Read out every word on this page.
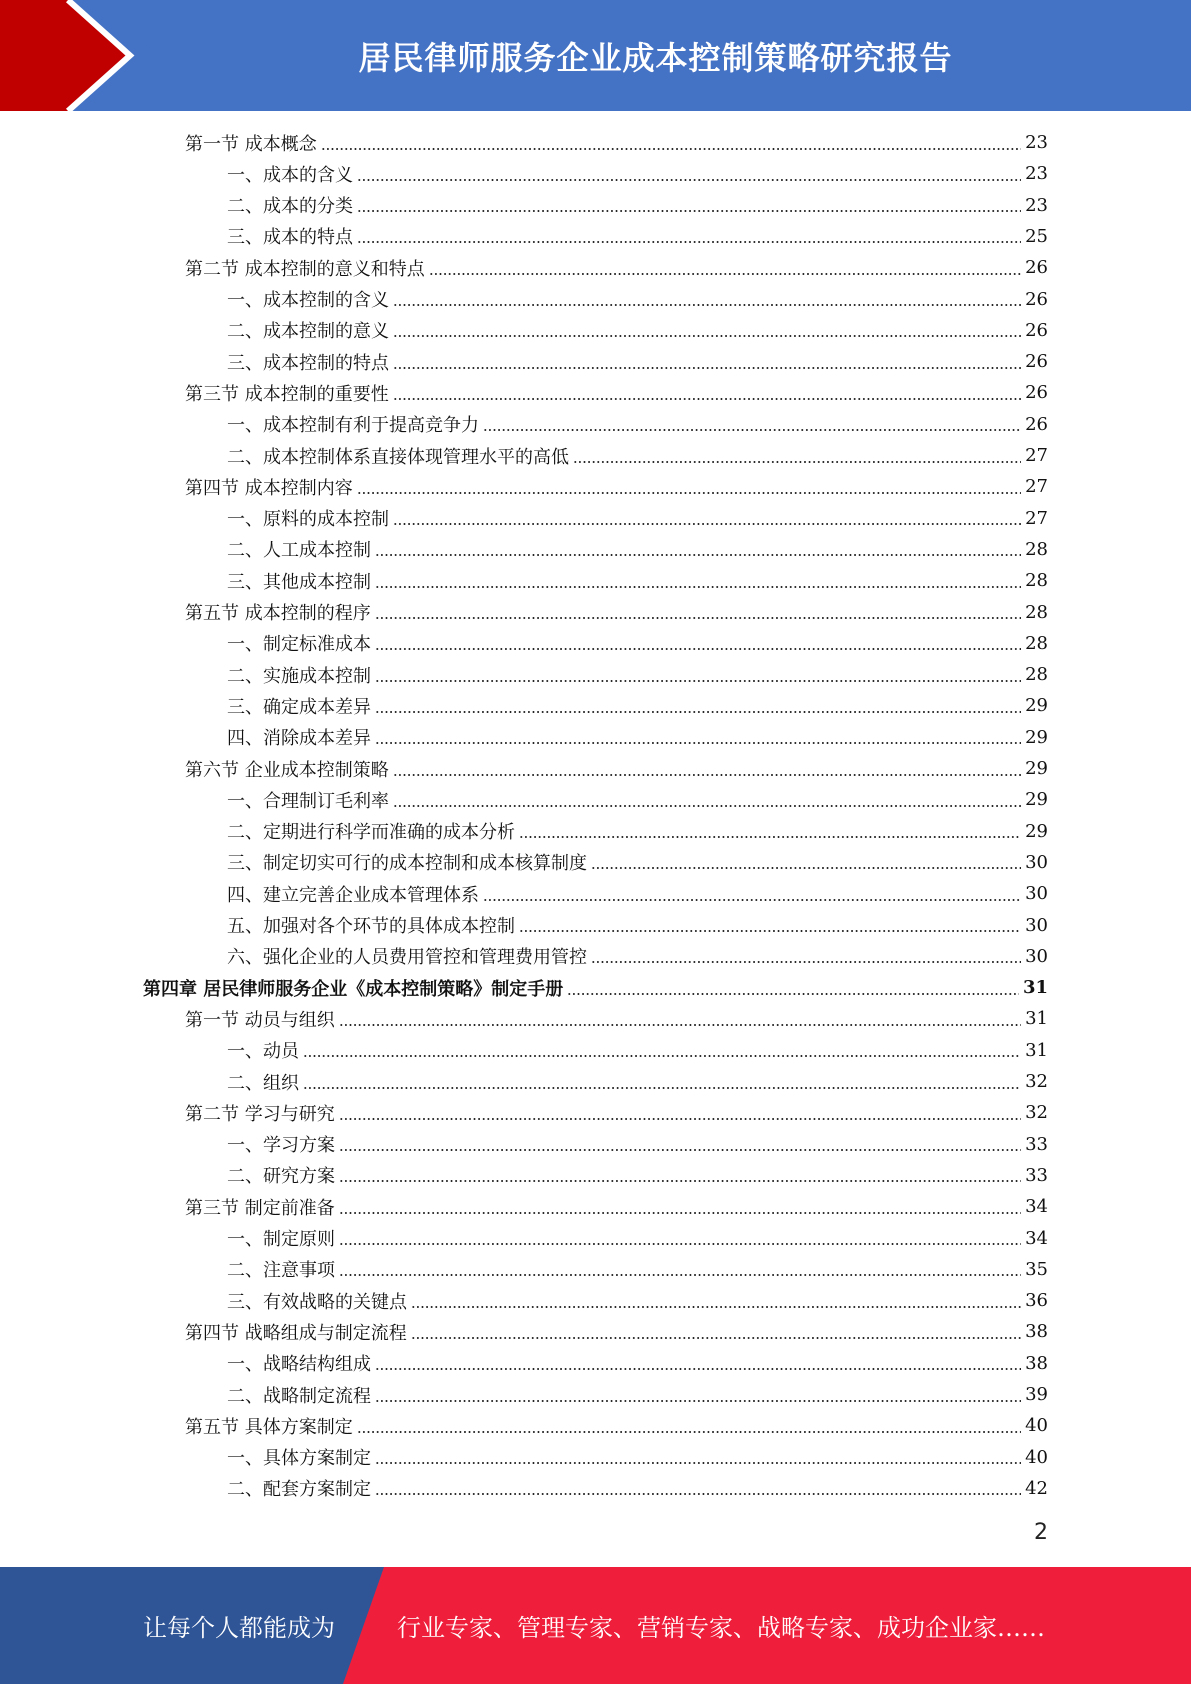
居民律师服务企业成本控制策略研究报告
第一节 成本概念	23
一、成本的含义	23
二、成本的分类	23
三、成本的特点	25
第二节 成本控制的意义和特点	26
一、成本控制的含义	26
二、成本控制的意义	26
三、成本控制的特点	26
第三节 成本控制的重要性	26
一、成本控制有利于提高竞争力	26
二、成本控制体系直接体现管理水平的高低	27
第四节 成本控制内容	27
一、原料的成本控制	27
二、人工成本控制	28
三、其他成本控制	28
第五节 成本控制的程序	28
一、制定标准成本	28
二、实施成本控制	28
三、确定成本差异	29
四、消除成本差异	29
第六节 企业成本控制策略	29
一、合理制订毛利率	29
二、定期进行科学而准确的成本分析	29
三、制定切实可行的成本控制和成本核算制度	30
四、建立完善企业成本管理体系	30
五、加强对各个环节的具体成本控制	30
六、强化企业的人员费用管控和管理费用管控	30
第四章 居民律师服务企业《成本控制策略》制定手册	31
第一节 动员与组织	31
一、动员	31
二、组织	32
第二节 学习与研究	32
一、学习方案	33
二、研究方案	33
第三节 制定前准备	34
一、制定原则	34
二、注意事项	35
三、有效战略的关键点	36
第四节 战略组成与制定流程	38
一、战略结构组成	38
二、战略制定流程	39
第五节 具体方案制定	40
一、具体方案制定	40
二、配套方案制定	42
2
让每个人都能成为	行业专家、管理专家、营销专家、战略专家、成功企业家……
